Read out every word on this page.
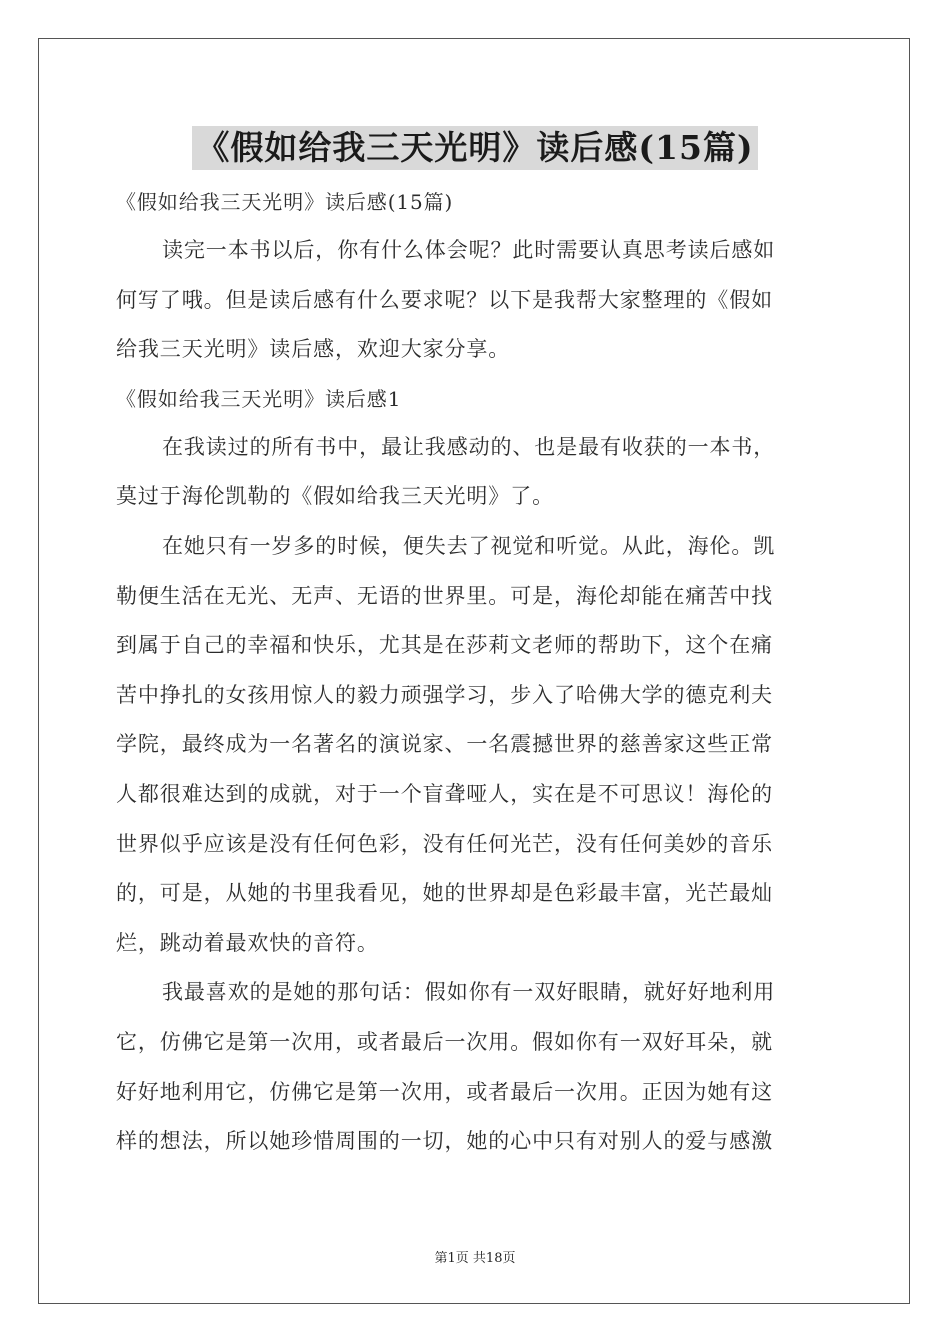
《假如给我三天光明》读后感(15篇)
《假如给我三天光明》读后感(15篇)
读完一本书以后，你有什么体会呢？此时需要认真思考读后感如
何写了哦。但是读后感有什么要求呢？以下是我帮大家整理的《假如
给我三天光明》读后感，欢迎大家分享。
《假如给我三天光明》读后感1
在我读过的所有书中，最让我感动的、也是最有收获的一本书，
莫过于海伦凯勒的《假如给我三天光明》了。
在她只有一岁多的时候，便失去了视觉和听觉。从此，海伦。凯
勒便生活在无光、无声、无语的世界里。可是，海伦却能在痛苦中找
到属于自己的幸福和快乐，尤其是在莎莉文老师的帮助下，这个在痛
苦中挣扎的女孩用惊人的毅力顽强学习，步入了哈佛大学的德克利夫
学院，最终成为一名著名的演说家、一名震撼世界的慈善家这些正常
人都很难达到的成就，对于一个盲聋哑人，实在是不可思议！海伦的
世界似乎应该是没有任何色彩，没有任何光芒，没有任何美妙的音乐
的，可是，从她的书里我看见，她的世界却是色彩最丰富，光芒最灿
烂，跳动着最欢快的音符。
我最喜欢的是她的那句话：假如你有一双好眼睛，就好好地利用
它，仿佛它是第一次用，或者最后一次用。假如你有一双好耳朵，就
好好地利用它，仿佛它是第一次用，或者最后一次用。正因为她有这
样的想法，所以她珍惜周围的一切，她的心中只有对别人的爱与感激
第1页 共18页
